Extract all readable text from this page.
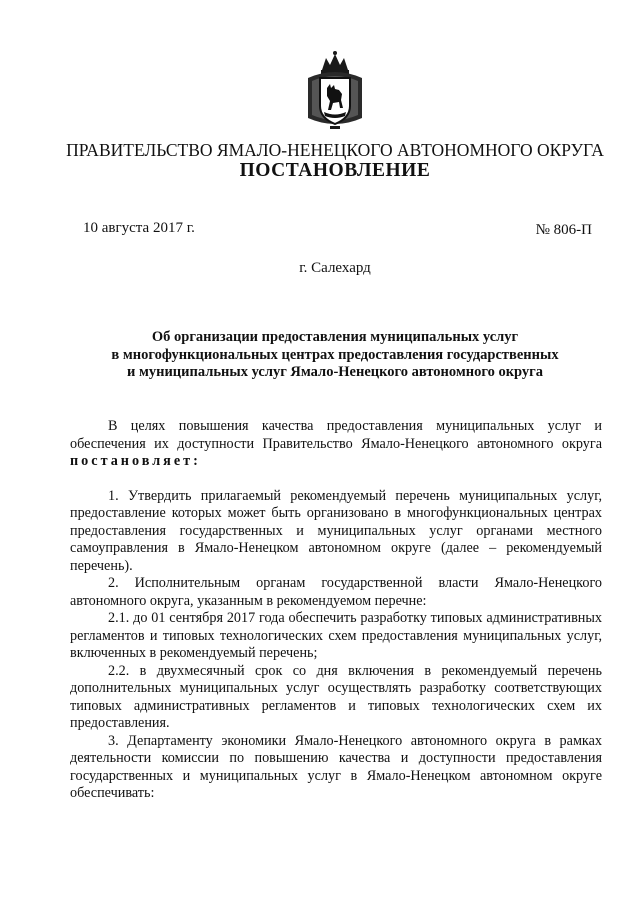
ПРАВИТЕЛЬСТВО ЯМАЛО-НЕНЕЦКОГО АВТОНОМНОГО ОКРУГА
ПОСТАНОВЛЕНИЕ
10 августа 2017 г.	№ 806-П
г. Салехард
Об организации предоставления муниципальных услуг
в многофункциональных центрах предоставления государственных
и муниципальных услуг Ямало-Ненецкого автономного округа

В целях повышения качества предоставления муниципальных услуг и обеспечения их доступности Правительство Ямало-Ненецкого автономного округа постановляет:

1. Утвердить прилагаемый рекомендуемый перечень муниципальных услуг, предоставление которых может быть организовано в многофункциональных центрах предоставления государственных и муниципальных услуг органами местного самоуправления в Ямало-Ненецком автономном округе (далее – рекомендуемый перечень).

2. Исполнительным органам государственной власти Ямало-Ненецкого автономного округа, указанным в рекомендуемом перечне:

2.1. до 01 сентября 2017 года обеспечить разработку типовых административных регламентов и типовых технологических схем предоставления муниципальных услуг, включенных в рекомендуемый перечень;

2.2. в двухмесячный срок со дня включения в рекомендуемый перечень дополнительных муниципальных услуг осуществлять разработку соответствующих типовых административных регламентов и типовых технологических схем их предоставления.

3. Департаменту экономики Ямало-Ненецкого автономного округа в рамках деятельности комиссии по повышению качества и доступности предоставления государственных и муниципальных услуг в Ямало-Ненецком автономном округе обеспечивать:
